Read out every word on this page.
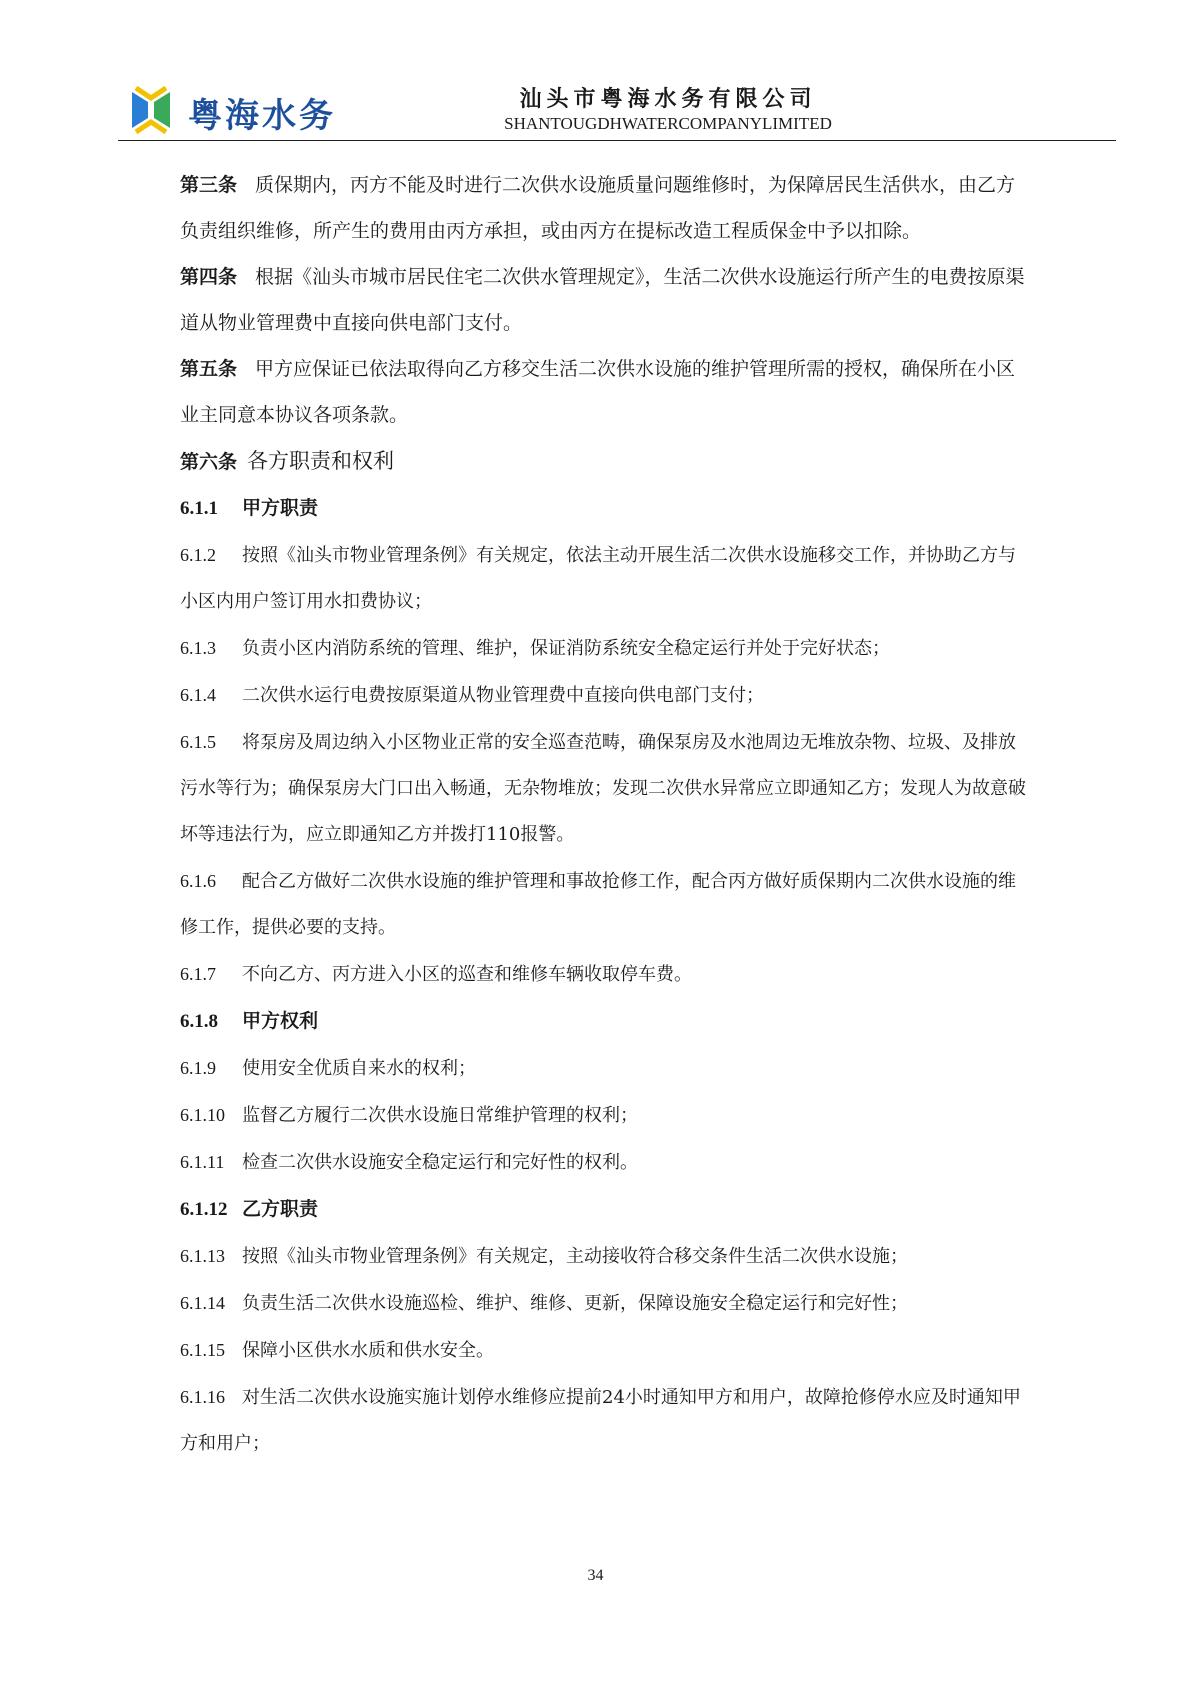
粤海水务	汕头市粤海水务有限公司
SHANTOUGDHWATERCOMPANYLIMITED

第三条 质保期内，丙方不能及时进行二次供水设施质量问题维修时，为保障居民生活供水，由乙方负责组织维修，所产生的费用由丙方承担，或由丙方在提标改造工程质保金中予以扣除。

第四条 根据《汕头市城市居民住宅二次供水管理规定》，生活二次供水设施运行所产生的电费按原渠道从物业管理费中直接向供电部门支付。

第五条 甲方应保证已依法取得向乙方移交生活二次供水设施的维护管理所需的授权，确保所在小区业主同意本协议各项条款。

第六条 各方职责和权利

6.1.1 甲方职责

6.1.2 按照《汕头市物业管理条例》有关规定，依法主动开展生活二次供水设施移交工作，并协助乙方与小区内用户签订用水扣费协议；

6.1.3 负责小区内消防系统的管理、维护，保证消防系统安全稳定运行并处于完好状态；

6.1.4 二次供水运行电费按原渠道从物业管理费中直接向供电部门支付；

6.1.5 将泵房及周边纳入小区物业正常的安全巡查范畴，确保泵房及水池周边无堆放杂物、垃圾、及排放污水等行为；确保泵房大门口出入畅通，无杂物堆放；发现二次供水异常应立即通知乙方；发现人为故意破坏等违法行为，应立即通知乙方并拨打110报警。

6.1.6 配合乙方做好二次供水设施的维护管理和事故抢修工作，配合丙方做好质保期内二次供水设施的维修工作，提供必要的支持。

6.1.7 不向乙方、丙方进入小区的巡查和维修车辆收取停车费。

6.1.8 甲方权利

6.1.9 使用安全优质自来水的权利；

6.1.10 监督乙方履行二次供水设施日常维护管理的权利；

6.1.11 检查二次供水设施安全稳定运行和完好性的权利。

6.1.12 乙方职责

6.1.13 按照《汕头市物业管理条例》有关规定，主动接收符合移交条件生活二次供水设施；

6.1.14 负责生活二次供水设施巡检、维护、维修、更新，保障设施安全稳定运行和完好性；

6.1.15 保障小区供水水质和供水安全。

6.1.16 对生活二次供水设施实施计划停水维修应提前24小时通知甲方和用户，故障抢修停水应及时通知甲方和用户；

34
